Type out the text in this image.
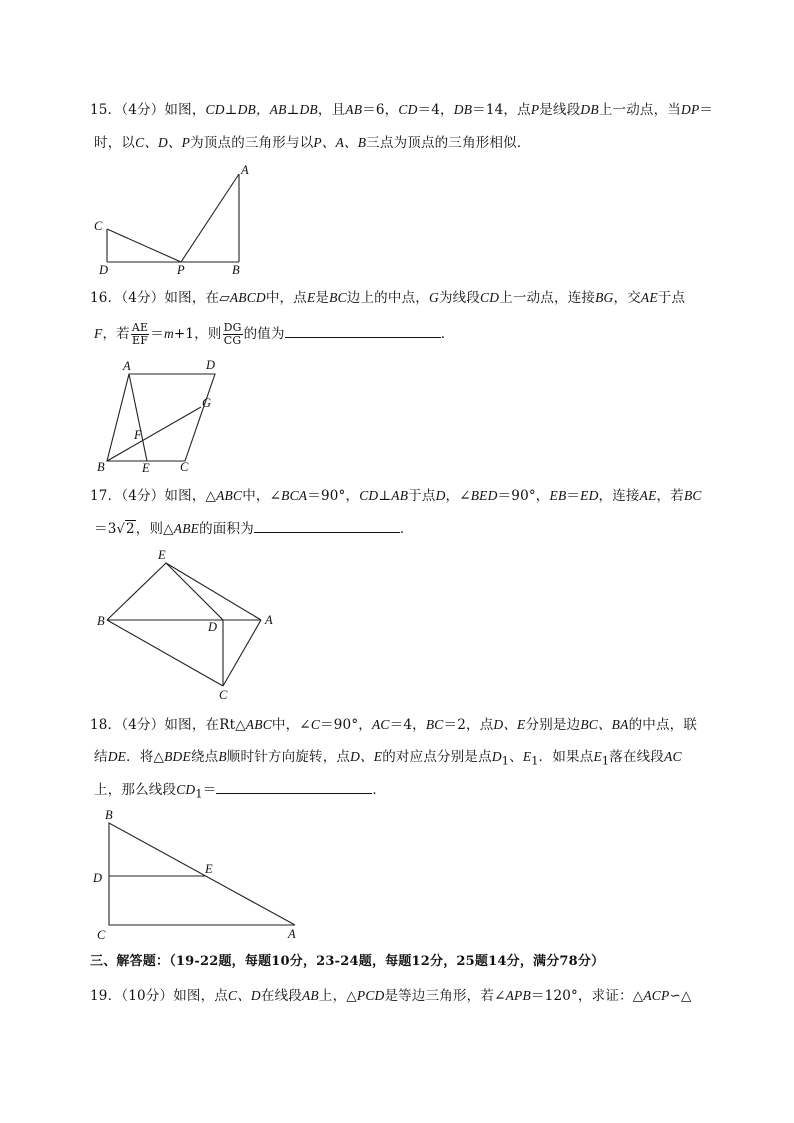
15．（4分）如图，CD⊥DB，AB⊥DB，且AB＝6，CD＝4，DB＝14，点P是线段DB上一动点，当DP＝
时，以C、D、P为顶点的三角形与以P、A、B三点为顶点的三角形相似．
A
C
D	P	B
16．（4分）如图，在▱ABCD中，点E是BC边上的中点，G为线段CD上一动点，连接BG，交AE于点
F，若 $\frac{AE}{EF} =m+1$，则 $\frac{DG}{CG}$ 的值为	．
A	D
G
F
B	E C
17．（4分）如图，△ABC中，∠BCA＝90°，CD⊥AB于点D，∠BED＝90°，EB＝ED，连接AE，若BC
＝3√2，则△ABE的面积为	．
E
B	D	A
C
18．（4分）如图，在Rt△ABC中，∠C＝90°，AC＝4，BC＝2，点D、E分别是边BC、BA的中点，联
结DE．将△BDE绕点B顺时针方向旋转，点D、E的对应点分别是点$D_1$、$E_1$．如果点$E_1$落在线段AC
上，那么线段$CD_1=$	．
B
D
E
C	A
三、解答题：（19-22题，每题10分，23-24题，每题12分，25题14分，满分78分）
19．（10分）如图，点C、D在线段AB上，△PCD是等边三角形，若∠APB＝120°，求证：△ACP∽△
